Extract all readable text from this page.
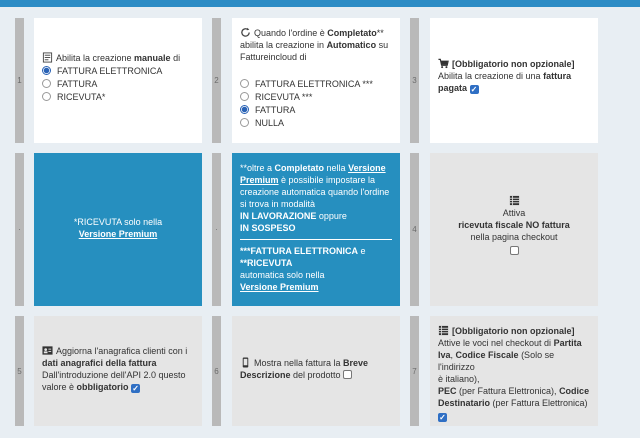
1
Abilita la creazione manuale di
FATTURA ELETTRONICA
FATTURA
RICEVUTA*
2
Quando l'ordine è Completato**
abilita la creazione in Automatico su
Fattureincloud di
FATTURA ELETTRONICA ***
RICEVUTA ***
FATTURA
NULLA
3
[Obbligatorio non opzionale]
Abilita la creazione di una fattura
pagata ✓
·
*RICEVUTA solo nella
Versione Premium	·
**oltre a Completato nella Versione
Premium è possibile impostare la
creazione automatica quando l'ordine
si trova in modalità
IN LAVORAZIONE oppure
IN SOSPESO
***FATTURA ELETTRONICA e
**RICEVUTA
automatica solo nella
Versione Premium
4
Attiva
ricevuta fiscale NO fattura
nella pagina checkout
5
Aggiorna l'anagrafica clienti con i
dati anagrafici della fattura
Dall'introduzione dell'API 2.0 questo
valore è obbligatorio ✓
6
Mostra nella fattura la Breve
Descrizione del prodotto	7
[Obbligatorio non opzionale]
Attive le voci nel checkout di Partita
Iva, Codice Fiscale (Solo se l'indirizzo
è italiano),
PEC (per Fattura Elettronica), Codice
Destinatario (per Fattura Elettronica)
✓
